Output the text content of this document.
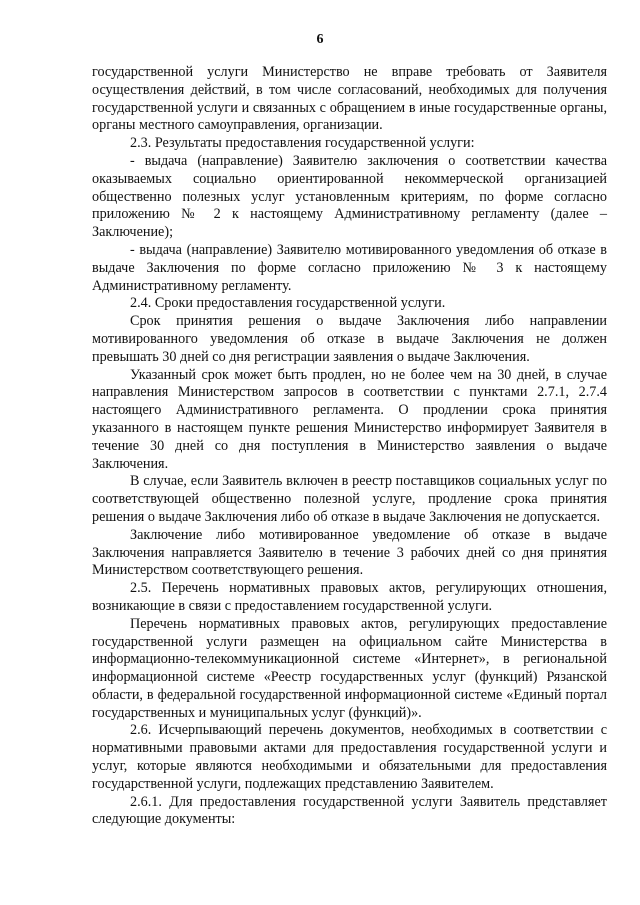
6

государственной услуги Министерство не вправе требовать от Заявителя осуществления действий, в том числе согласований, необходимых для получения государственной услуги и связанных с обращением в иные государственные органы, органы местного самоуправления, организации.

2.3. Результаты предоставления государственной услуги:

- выдача (направление) Заявителю заключения о соответствии качества оказываемых социально ориентированной некоммерческой организацией общественно полезных услуг установленным критериям, по форме согласно приложению № 2 к настоящему Административному регламенту (далее – Заключение);

- выдача (направление) Заявителю мотивированного уведомления об отказе в выдаче Заключения по форме согласно приложению № 3 к настоящему Административному регламенту.

2.4. Сроки предоставления государственной услуги.

Срок принятия решения о выдаче Заключения либо направлении мотивированного уведомления об отказе в выдаче Заключения не должен превышать 30 дней со дня регистрации заявления о выдаче Заключения.

Указанный срок может быть продлен, но не более чем на 30 дней, в случае направления Министерством запросов в соответствии с пунктами 2.7.1, 2.7.4 настоящего Административного регламента. О продлении срока принятия указанного в настоящем пункте решения Министерство информирует Заявителя в течение 30 дней со дня поступления в Министерство заявления о выдаче Заключения.

В случае, если Заявитель включен в реестр поставщиков социальных услуг по соответствующей общественно полезной услуге, продление срока принятия решения о выдаче Заключения либо об отказе в выдаче Заключения не допускается.

Заключение либо мотивированное уведомление об отказе в выдаче Заключения направляется Заявителю в течение 3 рабочих дней со дня принятия Министерством соответствующего решения.

2.5. Перечень нормативных правовых актов, регулирующих отношения, возникающие в связи с предоставлением государственной услуги.

Перечень нормативных правовых актов, регулирующих предоставление государственной услуги размещен на официальном сайте Министерства в информационно-телекоммуникационной системе «Интернет», в региональной информационной системе «Реестр государственных услуг (функций) Рязанской области, в федеральной государственной информационной системе «Единый портал государственных и муниципальных услуг (функций)».

2.6. Исчерпывающий перечень документов, необходимых в соответствии с нормативными правовыми актами для предоставления государственной услуги и услуг, которые являются необходимыми и обязательными для предоставления государственной услуги, подлежащих представлению Заявителем.

2.6.1. Для предоставления государственной услуги Заявитель представляет следующие документы:
